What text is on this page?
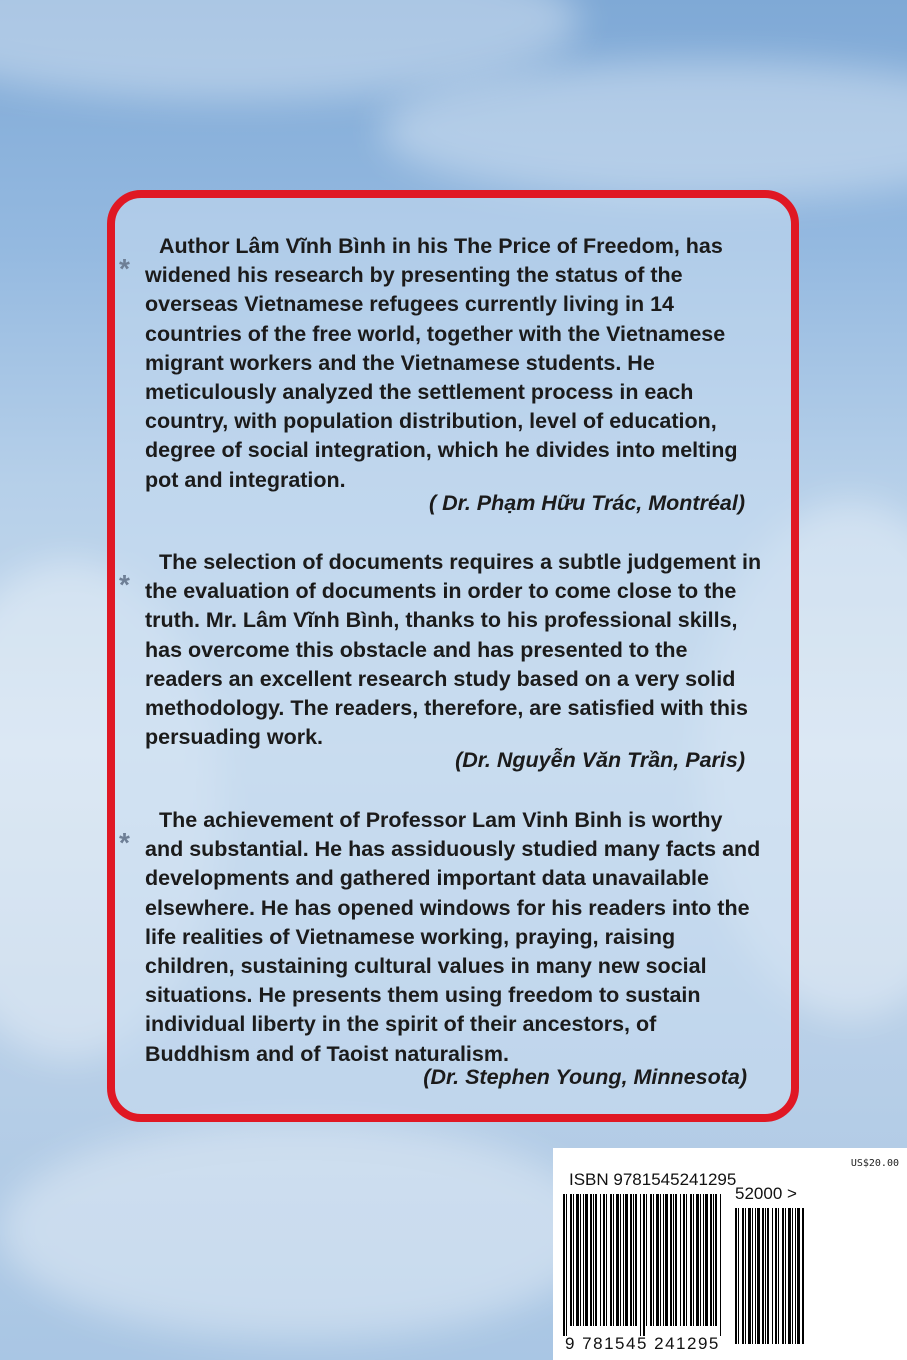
*

Author Lâm Vĩnh Bình in his The Price of Freedom, has widened his research by presenting the status of the overseas Vietnamese refugees currently living in 14 countries of the free world, together with the Vietnamese migrant workers and the Vietnamese students. He meticulously analyzed the settlement process in each country, with population distribution, level of education, degree of social integration, which he divides into melting pot and integration.

( Dr. Phạm Hữu Trác, Montréal)
*

The selection of documents requires a subtle judgement in the evaluation of documents in order to come close to the truth. Mr. Lâm Vĩnh Bình, thanks to his professional skills, has overcome this obstacle and has presented to the readers an excellent research study based on a very solid methodology. The readers, therefore, are satisfied with this persuading work.

(Dr. Nguyễn Văn Trần, Paris)
*

The achievement of Professor Lam Vinh Binh is worthy and substantial. He has assiduously studied many facts and developments and gathered important data unavailable elsewhere. He has opened windows for his readers into the life realities of Vietnamese working, praying, raising children, sustaining cultural values in many new social situations. He presents them using freedom to sustain individual liberty in the spirit of their ancestors, of Buddhism and of Taoist naturalism.

(Dr. Stephen Young, Minnesota)
US$20.00
ISBN 9781545241295
52000 >
9 781545 241295
